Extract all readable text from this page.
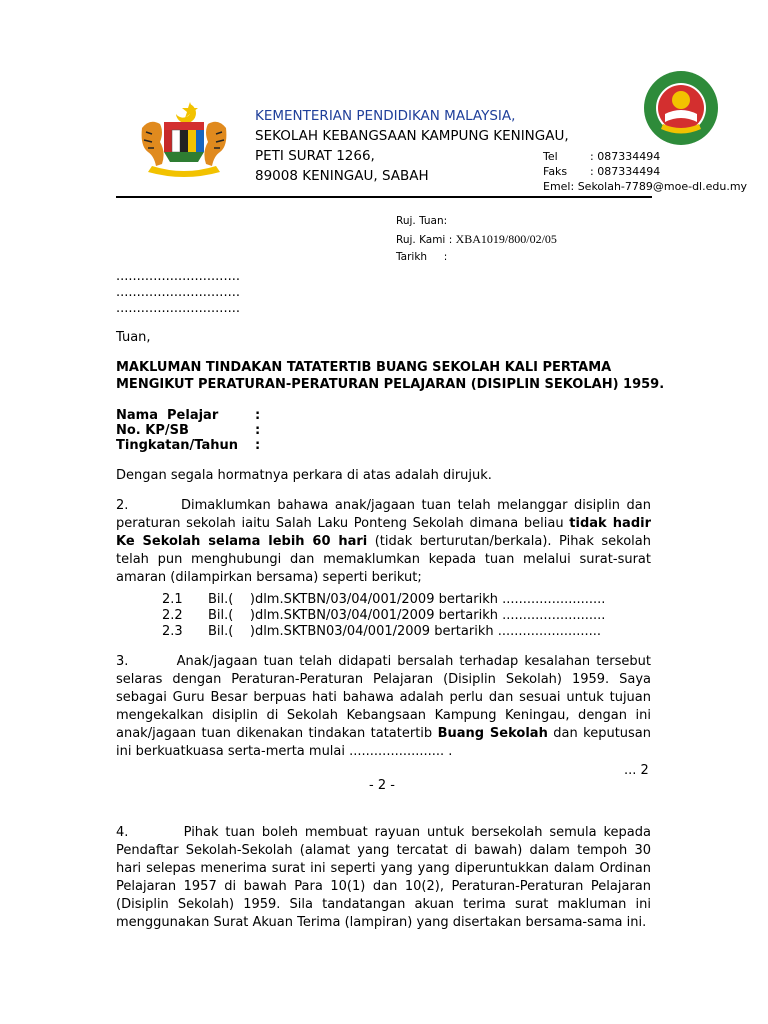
KEMENTERIAN PENDIDIKAN MALAYSIA,
SEKOLAH KEBANGSAAN KAMPUNG KENINGAU,
PETI SURAT 1266,
89008 KENINGAU, SABAH
Tel	: 087334494
Faks : 087334494
Emel: Sekolah-7789@moe-dl.edu.my
Ruj. Tuan:
Ruj. Kami : XBA1019/800/02/05
Tarikh     :
..............................
..............................
..............................
Tuan,
MAKLUMAN TINDAKAN TATATERTIB BUANG SEKOLAH KALI PERTAMA
MENGIKUT PERATURAN-PERATURAN PELAJARAN (DISIPLIN SEKOLAH) 1959.
Nama  Pelajar	:
No. KP/SB	:
Tingkatan/Tahun :
Dengan segala hormatnya perkara di atas adalah dirujuk.
2.        Dimaklumkan bahawa anak/jagaan tuan telah melanggar disiplin dan peraturan sekolah iaitu Salah Laku Ponteng Sekolah dimana beliau tidak hadir Ke Sekolah selama lebih 60 hari (tidak berturutan/berkala). Pihak sekolah telah pun menghubungi dan memaklumkan kepada tuan melalui surat-surat amaran (dilampirkan bersama) seperti berikut;
2.1 Bil.(    )dlm.SKTBN/03/04/001/2009 bertarikh .........................
2.2 Bil.(    )dlm.SKTBN/03/04/001/2009 bertarikh .........................
2.3 Bil.(    )dlm.SKTBN03/04/001/2009 bertarikh .........................
3.        Anak/jagaan tuan telah didapati bersalah terhadap kesalahan tersebut selaras dengan Peraturan-Peraturan Pelajaran (Disiplin Sekolah) 1959. Saya sebagai Guru Besar berpuas hati bahawa adalah perlu dan sesuai untuk tujuan mengekalkan disiplin di Sekolah Kebangsaan Kampung Keningau, dengan ini anak/jagaan tuan dikenakan tindakan tatatertib Buang Sekolah dan keputusan ini berkuatkuasa serta-merta mulai ....................... .
... 2
- 2 -
4.        Pihak tuan boleh membuat rayuan untuk bersekolah semula kepada Pendaftar Sekolah-Sekolah (alamat yang tercatat di bawah) dalam tempoh 30 hari selepas menerima surat ini seperti yang yang diperuntukkan dalam Ordinan Pelajaran 1957 di bawah Para 10(1) dan 10(2), Peraturan-Peraturan Pelajaran (Disiplin Sekolah) 1959. Sila tandatangan akuan terima surat makluman ini menggunakan Surat Akuan Terima (lampiran) yang disertakan bersama-sama ini.
